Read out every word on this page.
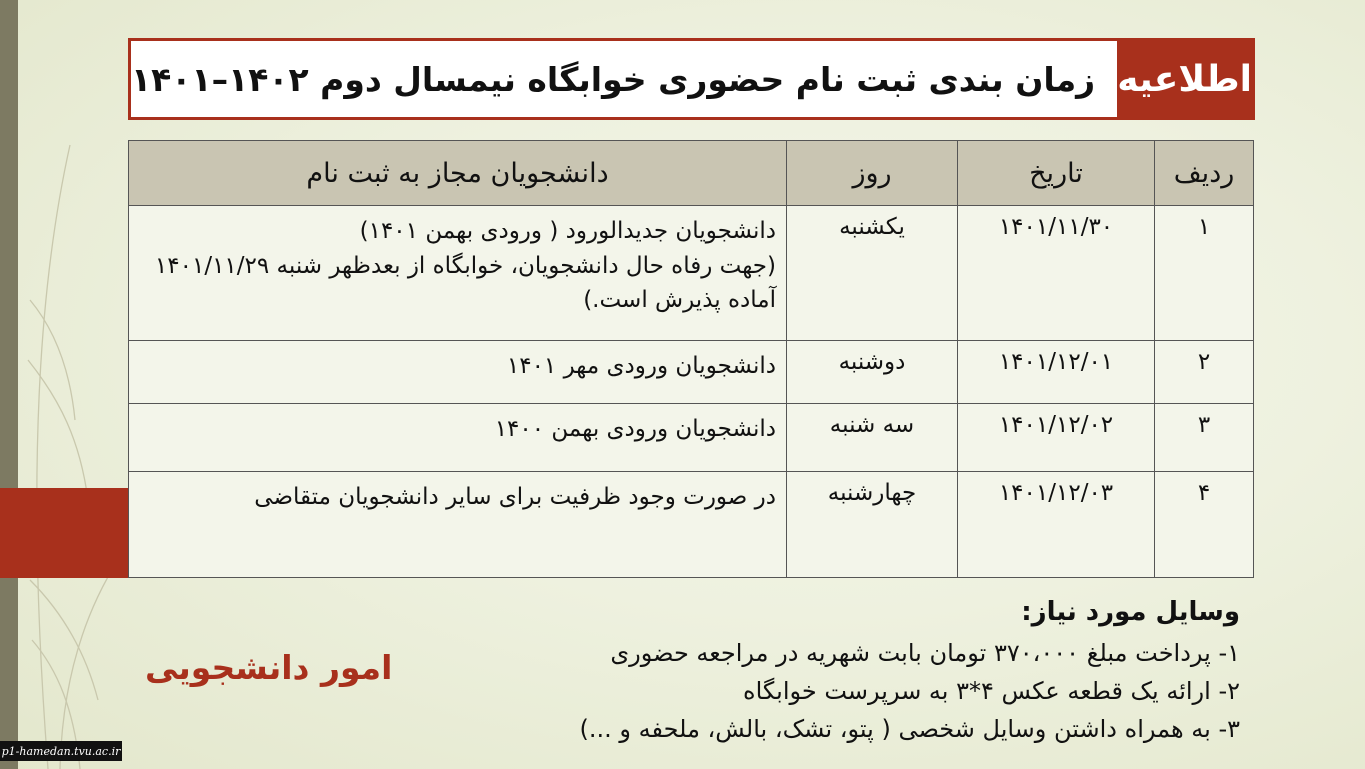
اطلاعیه
زمان بندی ثبت نام حضوری خوابگاه نیمسال دوم ۱۴۰۲–۱۴۰۱
ردیف	تاریخ	روز	دانشجویان مجاز به ثبت نام
۱	۱۴۰۱/۱۱/۳۰	یکشنبه	دانشجویان جدیدالورود ( ورودی بهمن ۱۴۰۱)
(جهت رفاه حال دانشجویان، خوابگاه از بعدظهر شنبه ۱۴۰۱/۱۱/۲۹ آماده پذیرش است.)
۲	۱۴۰۱/۱۲/۰۱	دوشنبه	دانشجویان ورودی مهر ۱۴۰۱
۳	۱۴۰۱/۱۲/۰۲	سه شنبه	دانشجویان ورودی بهمن ۱۴۰۰
۴	۱۴۰۱/۱۲/۰۳	چهارشنبه	در صورت وجود ظرفیت برای سایر دانشجویان متقاضی
وسایل مورد نیاز:
۱- پرداخت مبلغ ۳۷۰،۰۰۰ تومان بابت شهریه در مراجعه حضوری
۲- ارائه یک قطعه عکس ۴*۳ به سرپرست خوابگاه
۳- به همراه داشتن وسایل شخصی ( پتو، تشک، بالش، ملحفه و ...)
امور دانشجویی
p1-hamedan.tvu.ac.ir
